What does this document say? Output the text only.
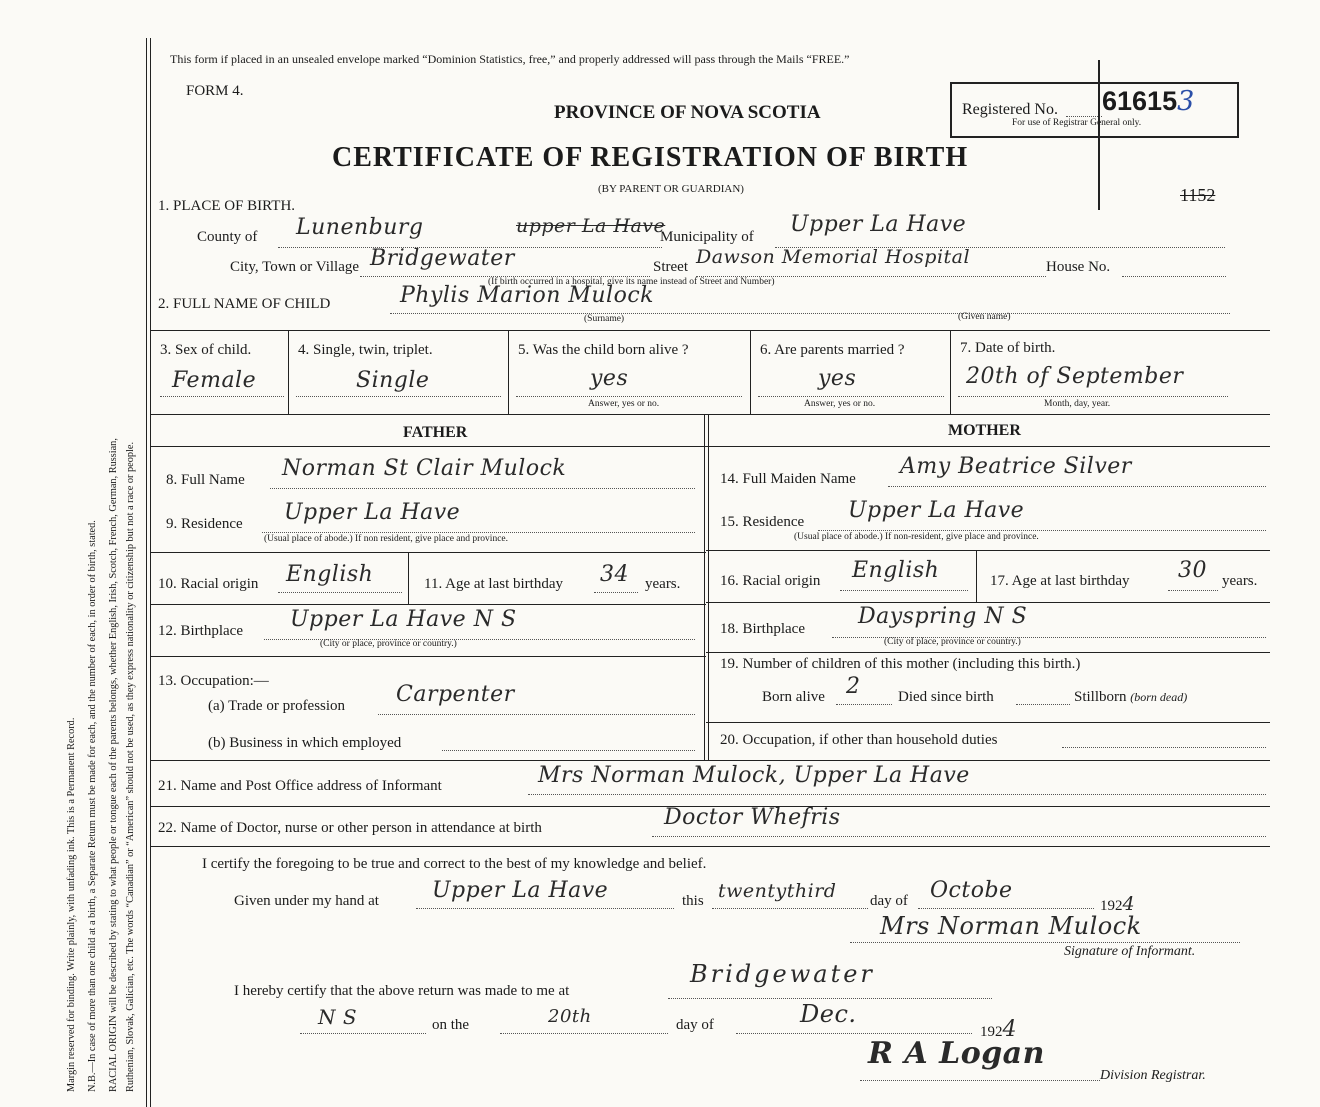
Margin reserved for binding. Write plainly, with unfading ink. This is a Permanent Record. N.B.—In case of more than one child at a birth, a Separate Return must be made for each, and the number of each, in order of birth, stated. RACIAL ORIGIN will be described by stating to what people or tongue each of the parents belongs, whether English, Irish, Scotch, French, German, Russian, Ruthenian, Slovak, Galician, etc. The words “Canadian” or “American” should not be used, as they express nationality or citizenship but not a race or people.
This form if placed in an unsealed envelope marked “Dominion Statistics, free,” and properly addressed will pass through the Mails “FREE.”
FORM 4.
PROVINCE OF NOVA SCOTIA	Registered No. 616153
For use of Registrar General only.
CERTIFICATE OF REGISTRATION OF BIRTH
(BY PARENT OR GUARDIAN)	1152
1. PLACE OF BIRTH.
County of Lunenburg	upper La Have
Municipality of Upper La Have
City, Town or Village Bridgewater	Street Dawson Memorial Hospital	House No.
(If birth occurred in a hospital, give its name instead of Street and Number)
2. FULL NAME OF CHILD	Phylis Marion Mulock
(Surname)	(Given name)
3. Sex of child.
Female
4. Single, twin, triplet.
Single
5. Was the child born alive ?
yes
Answer, yes or no.
6. Are parents married ?
yes
Answer, yes or no.
7. Date of birth.
20th of September
Month, day, year.
FATHER	MOTHER
8. Full Name Norman St Clair Mulock
9. Residence Upper La Have
(Usual place of abode.) If non resident, give place and province.
10. Racial origin English	11. Age at last birthday 34 years.
12. Birthplace Upper La Have N S
(City or place, province or country.)
13. Occupation:—
(a) Trade or profession Carpenter
(b) Business in which employed
14. Full Maiden Name Amy Beatrice Silver
15. Residence Upper La Have
(Usual place of abode.) If non-resident, give place and province.
16. Racial origin English	17. Age at last birthday 30 years.
18. Birthplace Dayspring N S
(City of place, province or country.)
19. Number of children of this mother (including this birth.)
Born alive 2	Died since birth	Stillborn (born dead)
20. Occupation, if other than household duties
21. Name and Post Office address of Informant	Mrs Norman Mulock, Upper La Have
22. Name of Doctor, nurse or other person in attendance at birth	Doctor Whefris
I certify the foregoing to be true and correct to the best of my knowledge and belief.
Given under my hand at Upper La Have	this twentythird day of Octobe
1924
Mrs Norman Mulock
Signature of Informant.
I hereby certify that the above return was made to me at
Bridgewater
N S	on the	20th	day of	Dec.
1924
R A Logan
Division Registrar.
